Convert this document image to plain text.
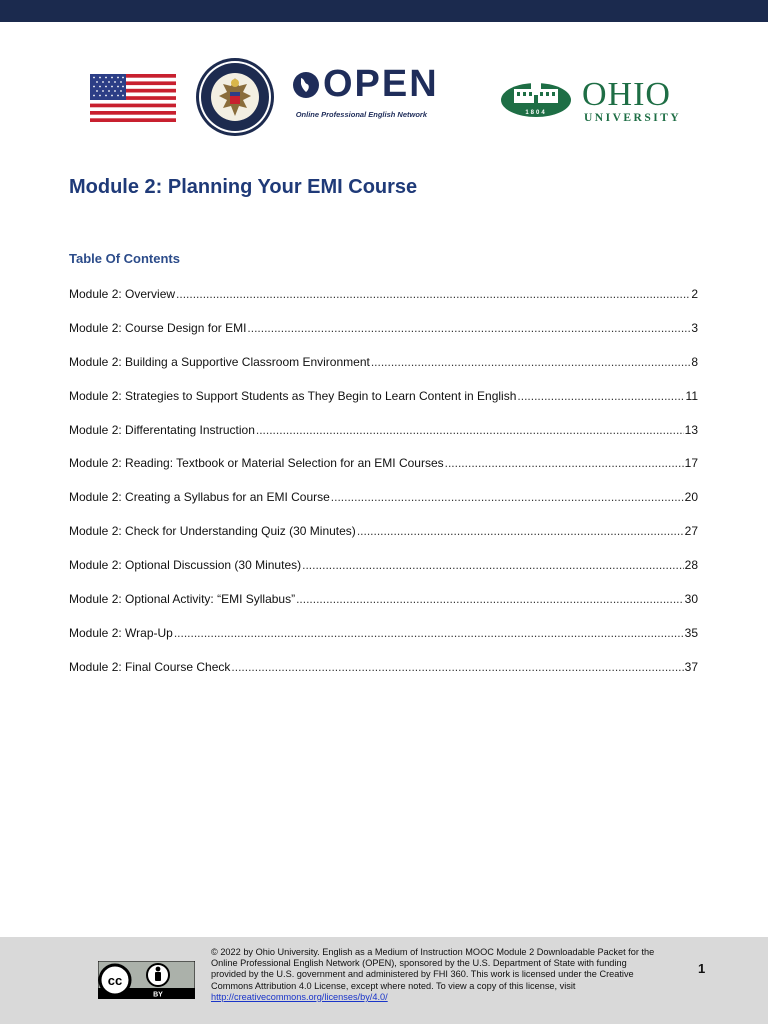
OPEN
Online Professional English Network	1804 OHIO
UNIVERSITY
Module 2: Planning Your EMI Course
Table Of Contents
Module 2: Overview .....	2
Module 2: Course Design for EMI .....	3
Module 2: Building a Supportive Classroom Environment .....	8
Module 2: Strategies to Support Students as They Begin to Learn Content in English .....	11
Module 2: Differentating Instruction .....	13
Module 2: Reading: Textbook or Material Selection for an EMI Courses .....	17
Module 2: Creating a Syllabus for an EMI Course .....	20
Module 2: Check for Understanding Quiz (30 Minutes) .....	27
Module 2: Optional Discussion (30 Minutes) .....	28
Module 2: Optional Activity: “EMI Syllabus” .....	30
Module 2: Wrap-Up .....	35
Module 2: Final Course Check .....	37
cc
BY
© 2022 by Ohio University. English as a Medium of Instruction MOOC Module 2 Downloadable Packet for the Online Professional English Network (OPEN), sponsored by the U.S. Department of State with funding provided by the U.S. government and administered by FHI 360. This work is licensed under the Creative Commons Attribution 4.0 License, except where noted. To view a copy of this license, visit http://creativecommons.org/licenses/by/4.0/
1
